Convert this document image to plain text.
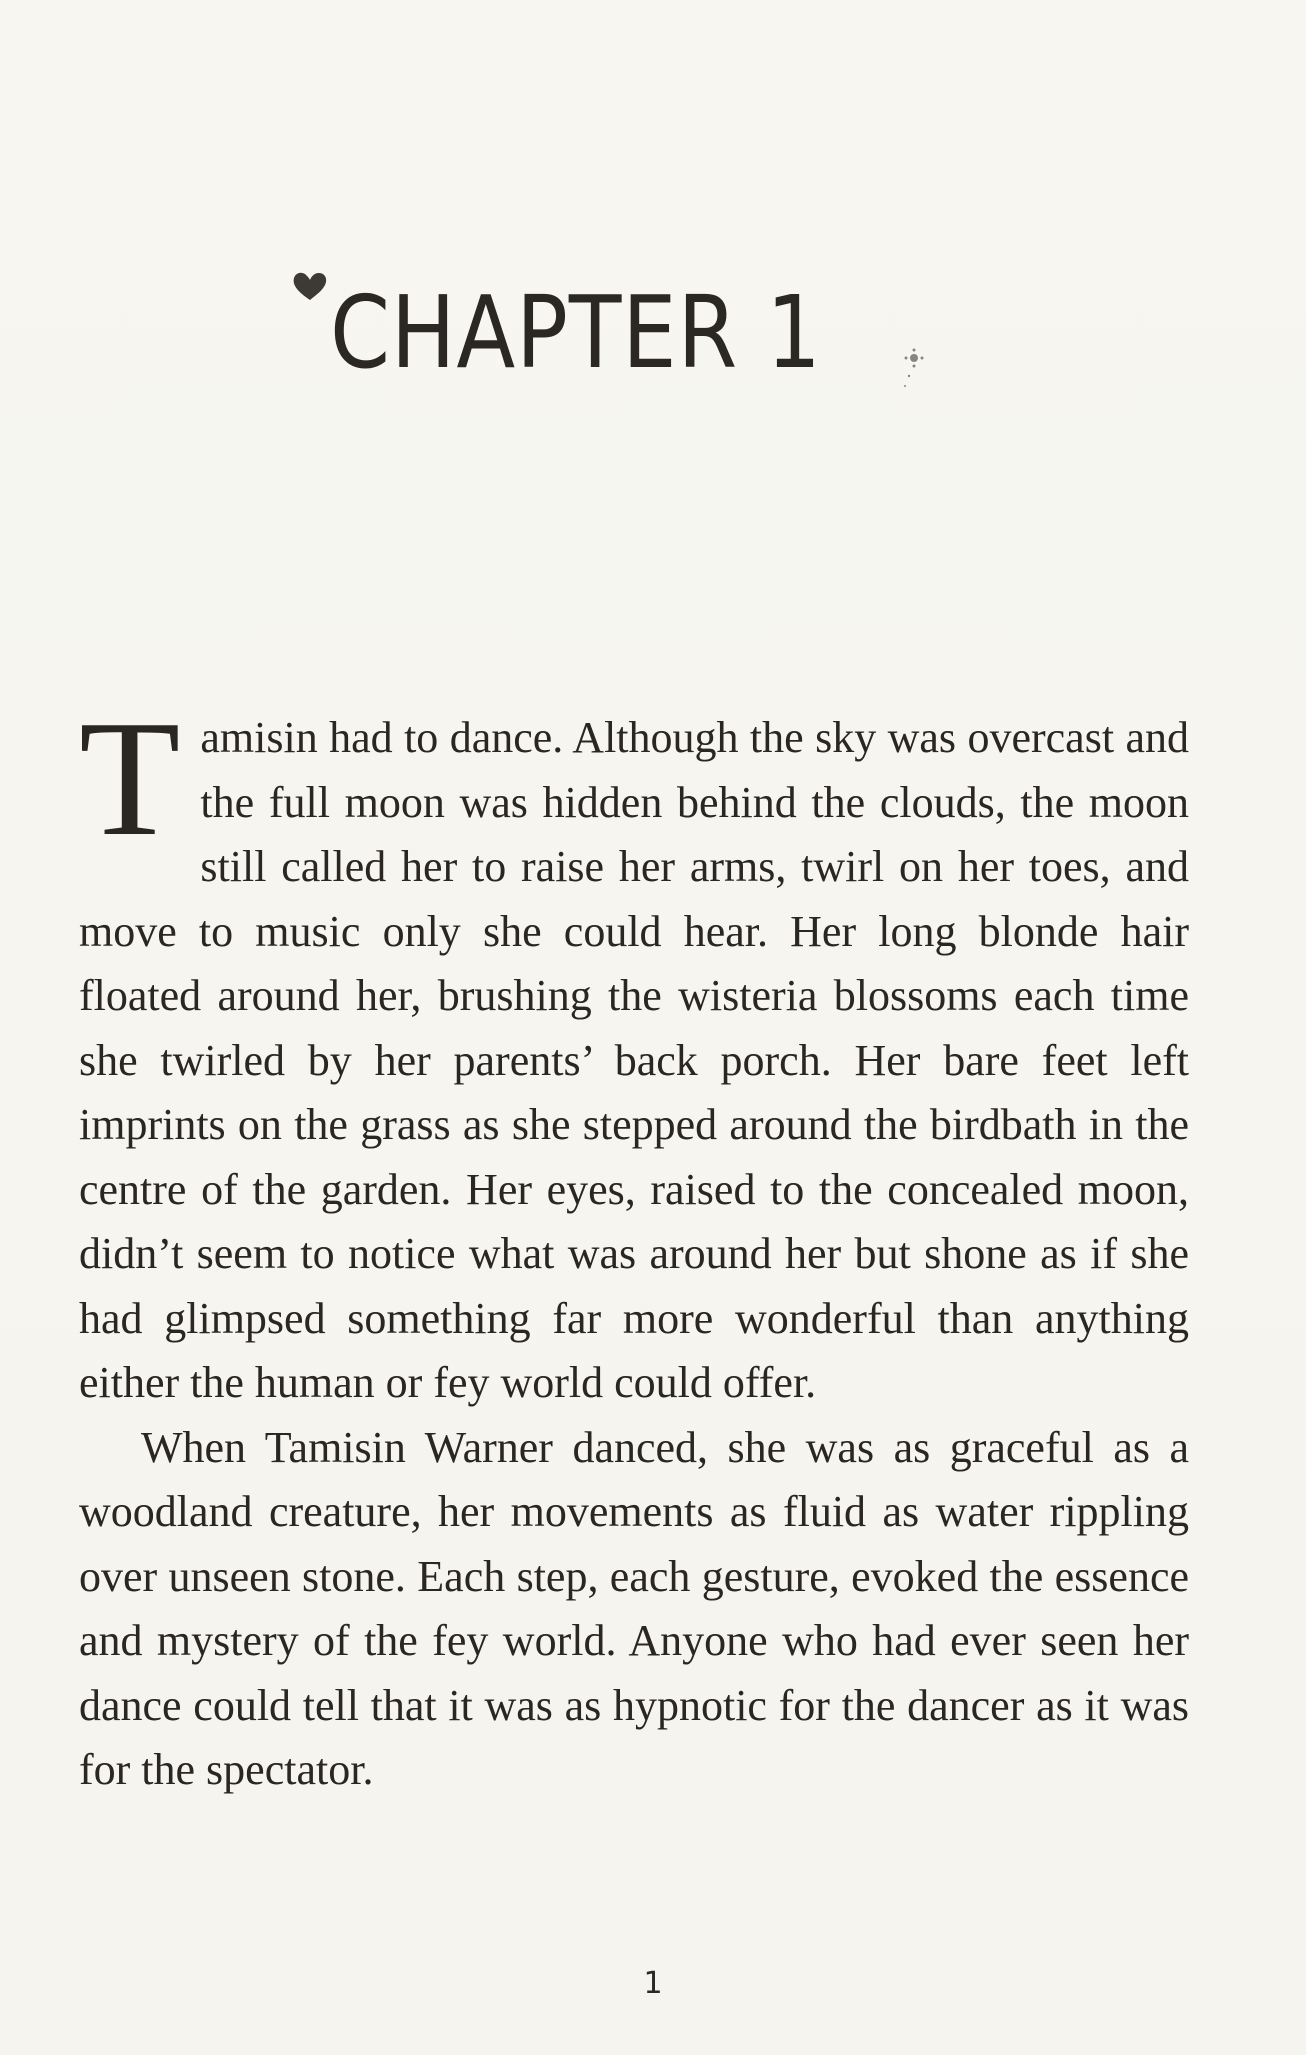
CHAPTER 1

Tamisin had to dance. Although the sky was overcast and the full moon was hidden behind the clouds, the moon still called her to raise her arms, twirl on her toes, and move to music only she could hear. Her long blonde hair floated around her, brushing the wisteria blossoms each time she twirled by her parents’ back porch. Her bare feet left imprints on the grass as she stepped around the birdbath in the centre of the garden. Her eyes, raised to the concealed moon, didn’t seem to notice what was around her but shone as if she had glimpsed something far more wonderful than anything either the human or fey world could offer.

When Tamisin Warner danced, she was as graceful as a woodland creature, her movements as fluid as water rippling over unseen stone. Each step, each gesture, evoked the essence and mystery of the fey world. Anyone who had ever seen her dance could tell that it was as hypnotic for the dancer as it was for the spectator.

1
